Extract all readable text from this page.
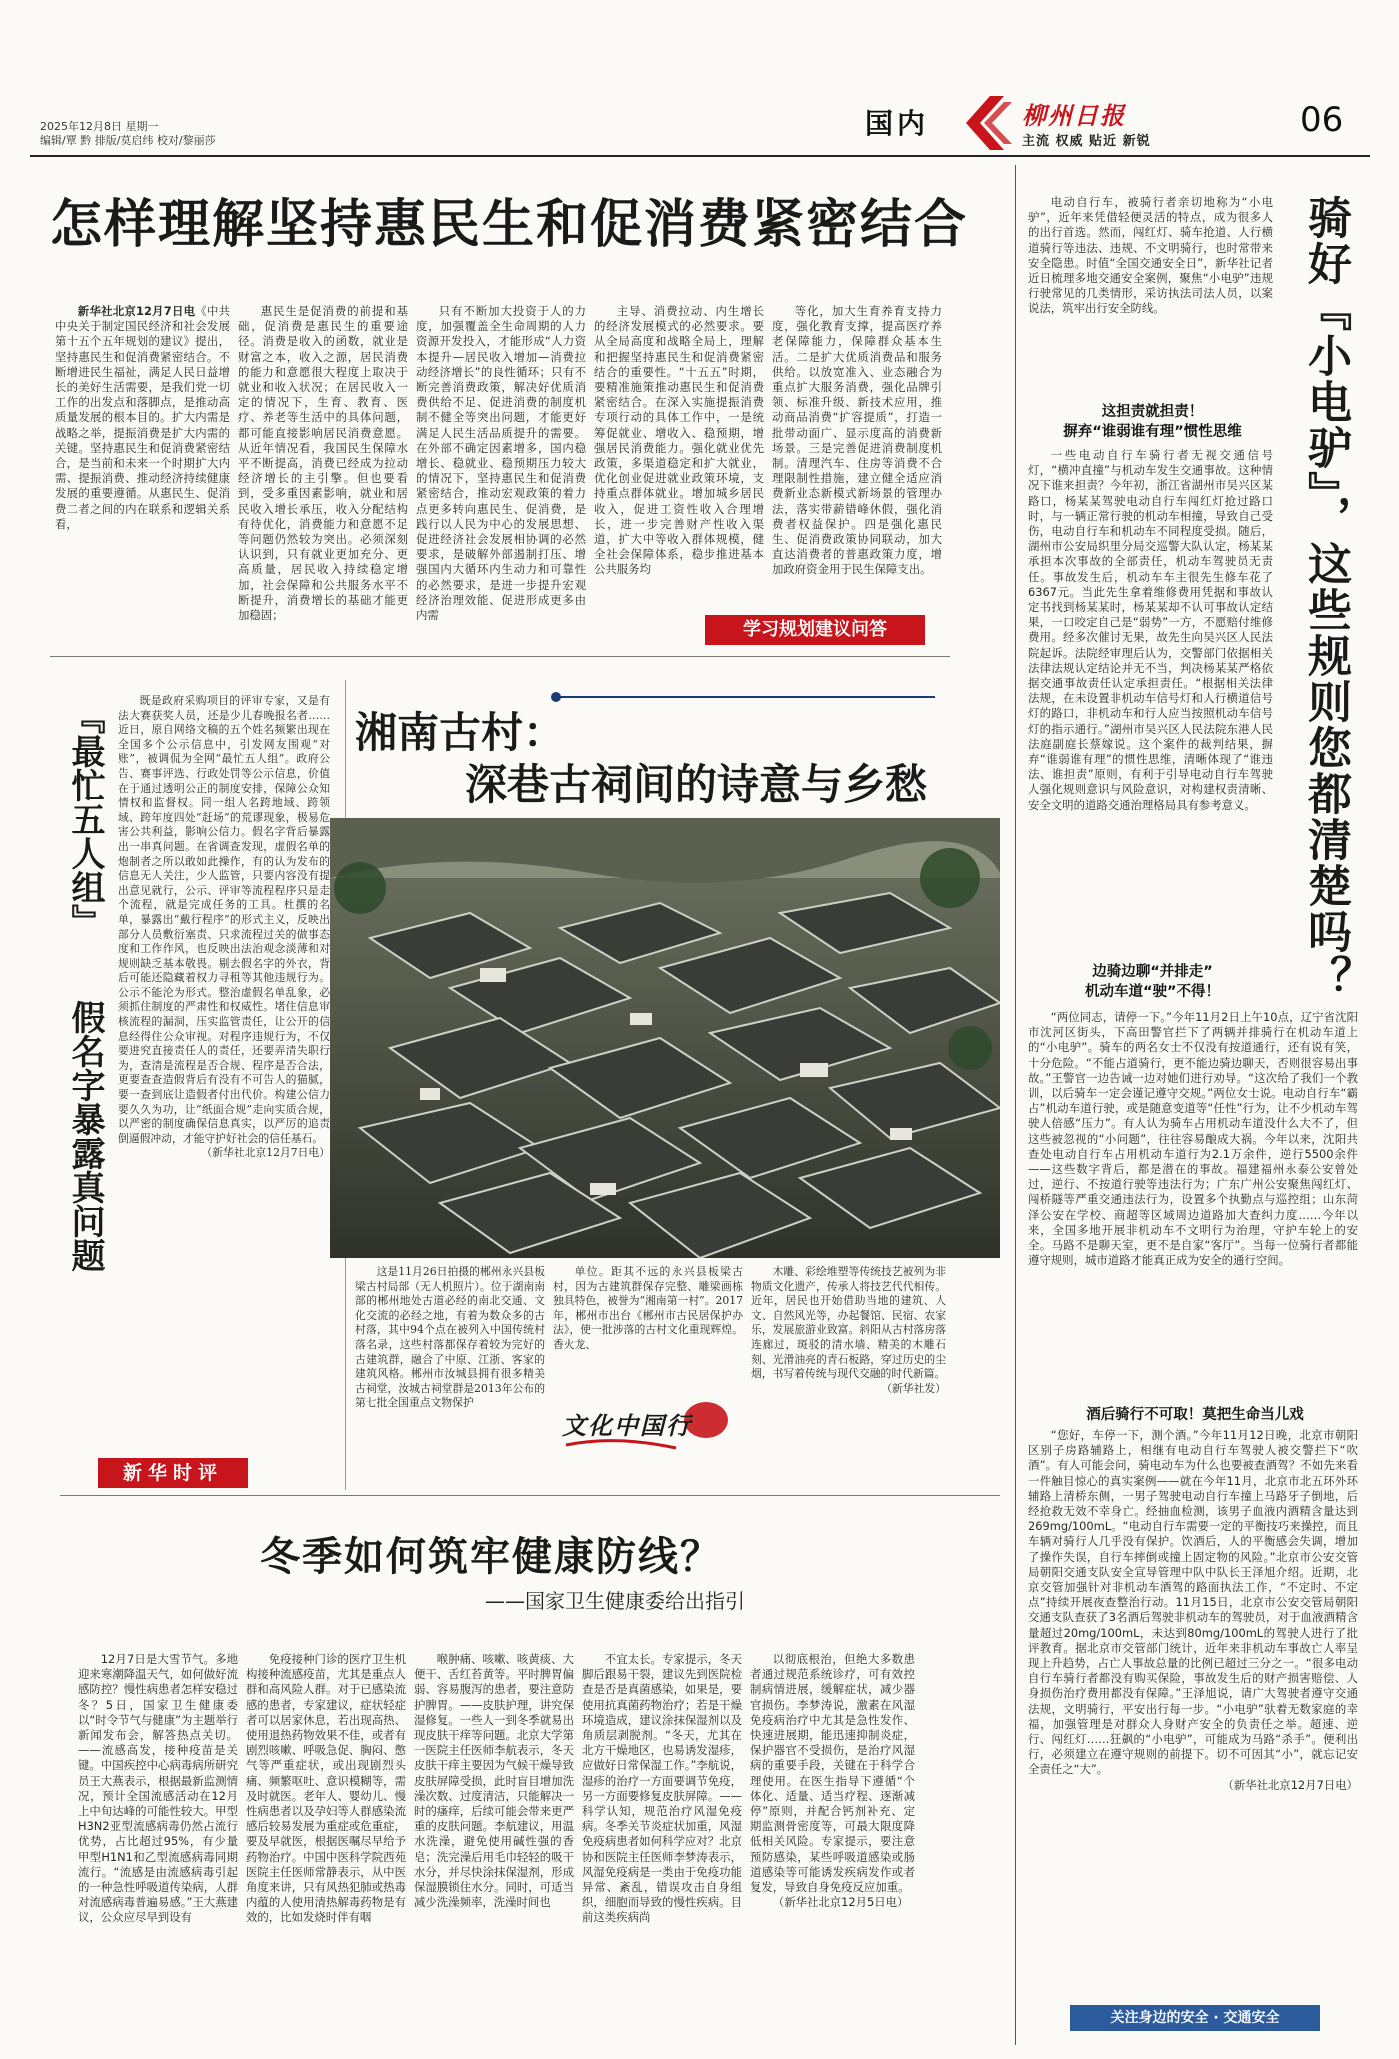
2025年12月8日 星期一
编辑/覃 黔 排版/莫启纬 校对/黎丽莎
国内	柳州日报
主流 权威 贴近 新锐
06
怎样理解坚持惠民生和促消费紧密结合

新华社北京12月7日电《中共中央关于制定国民经济和社会发展第十五个五年规划的建议》提出，坚持惠民生和促消费紧密结合。不断增进民生福祉，满足人民日益增长的美好生活需要，是我们党一切工作的出发点和落脚点，是推动高质量发展的根本目的。扩大内需是战略之举，提振消费是扩大内需的关键。坚持惠民生和促消费紧密结合，是当前和未来一个时期扩大内需、提振消费、推动经济持续健康发展的重要遵循。从惠民生、促消费二者之间的内在联系和逻辑关系看，

惠民生是促消费的前提和基础，促消费是惠民生的重要途径。消费是收入的函数，就业是财富之本，收入之源，居民消费的能力和意愿很大程度上取决于就业和收入状况；在居民收入一定的情况下，生育、教育、医疗、养老等生活中的具体问题，都可能直接影响居民消费意愿。从近年情况看，我国民生保障水平不断提高，消费已经成为拉动经济增长的主引擎。但也要看到，受多重因素影响，就业和居民收入增长承压，收入分配结构有待优化，消费能力和意愿不足等问题仍然较为突出。必须深刻认识到，只有就业更加充分、更高质量，居民收入持续稳定增加，社会保障和公共服务水平不断提升，消费增长的基础才能更加稳固；

只有不断加大投资于人的力度，加强覆盖全生命周期的人力资源开发投入，才能形成“人力资本提升—居民收入增加—消费拉动经济增长”的良性循环；只有不断完善消费政策，解决好优质消费供给不足、促进消费的制度机制不健全等突出问题，才能更好满足人民生活品质提升的需要。在外部不确定因素增多，国内稳增长、稳就业、稳预期压力较大的情况下，坚持惠民生和促消费紧密结合，推动宏观政策的着力点更多转向惠民生、促消费，是践行以人民为中心的发展思想、促进经济社会发展相协调的必然要求，是破解外部遏制打压、增强国内大循环内生动力和可靠性的必然要求，是进一步提升宏观经济治理效能、促进形成更多由内需

主导、消费拉动、内生增长的经济发展模式的必然要求。要从全局高度和战略全局上，理解和把握坚持惠民生和促消费紧密结合的重要性。“十五五”时期，要精准施策推动惠民生和促消费紧密结合。在深入实施提振消费专项行动的具体工作中，一是统筹促就业、增收入、稳预期，增强居民消费能力。强化就业优先政策，多渠道稳定和扩大就业，优化创业促进就业政策环境，支持重点群体就业。增加城乡居民收入，促进工资性收入合理增长，进一步完善财产性收入渠道，扩大中等收入群体规模，健全社会保障体系，稳步推进基本公共服务均

等化，加大生育养育支持力度，强化教育支撑，提高医疗养老保障能力，保障群众基本生活。二是扩大优质消费品和服务供给。以放宽准入、业态融合为重点扩大服务消费，强化品牌引领、标准升级、新技术应用，推动商品消费“扩容提质”，打造一批带动面广、显示度高的消费新场景。三是完善促进消费制度机制。清理汽车、住房等消费不合理限制性措施，建立健全适应消费新业态新模式新场景的管理办法，落实带薪错峰休假，强化消费者权益保护。四是强化惠民生、促消费政策协同联动，加大直达消费者的普惠政策力度，增加政府资金用于民生保障支出。

学习规划建议问答
『最忙五人组』
假名字暴露真问题

既是政府采购项目的评审专家，又是有法大赛获奖人员，还是少儿春晚报名者……近日，原自网络文稿的五个姓名频繁出现在全国多个公示信息中，引发网友围观“对账”，被调侃为全网“最忙五人组”。政府公告、赛事评选、行政处罚等公示信息，价值在于通过透明公正的制度安排，保障公众知情权和监督权。同一组人名跨地域、跨领域、跨年度四处“赶场”的荒谬现象，极易危害公共利益，影响公信力。假名字背后暴露出一串真问题。在省调查发现，虚假名单的炮制者之所以敢如此操作，有的认为发布的信息无人关注，少人监管，只要内容没有提出意见就行，公示、评审等流程程序只是走个流程，就是完成任务的工具。杜撰的名单，暴露出“戴行程序”的形式主义，反映出部分人员敷衍塞责、只求流程过关的做事态度和工作作风，也反映出法治观念淡薄和对规则缺乏基本敬畏。剔去假名字的外衣，背后可能还隐藏着权力寻租等其他违规行为。公示不能沦为形式。整治虚假名单乱象，必须抓住制度的严肃性和权威性。堵住信息审核流程的漏洞，压实监管责任，让公开的信息经得住公众审视。对程序违规行为，不仅要进究直接责任人的责任，还要弄清失职行为，查清是流程是否合规、程序是否合法，更要查查造假背后有没有不可告人的猫腻，要一查到底让造假者付出代价。构建公信力要久久为功，让“纸面合规”走向实质合规，以严密的制度确保信息真实，以严厉的追责倒逼假冲动，才能守护好社会的信任基石。

（新华社北京12月7日电）

新华时评
湘南古村：
深巷古祠间的诗意与乡愁

这是11月26日拍摄的郴州永兴县板梁古村局部（无人机照片）。位于湖南南部的郴州地处古道必经的南北交通、文化交流的必经之地，有着为数众多的古村落，其中94个点在被列入中国传统村落名录，这些村落都保存着较为完好的古建筑群，融合了中原、江浙、客家的建筑风格。郴州市汝城县拥有很多精美古祠堂，汝城古祠堂群是2013年公布的第七批全国重点文物保护

单位。距其不远的永兴县板梁古村，因为古建筑群保存完整、雕梁画栋独具特色，被誉为“湘南第一村”。2017年，郴州市出台《郴州市古民居保护办法》，使一批涉落的古村文化重现辉煌。香火龙、

木雕、彩绘堆塑等传统技艺被列为非物质文化遗产，传承人将技艺代代相传。近年，居民也开始借助当地的建筑、人文、自然风光等，办起餐馆、民宿、农家乐，发展旅游业致富。斜阳从古村落房落连廊过，斑驳的清水墙、精美的木雕石刻、光滑油亮的青石板路，穿过历史的尘烟，书写着传统与现代交融的时代新篇。

（新华社发）

文化中国行
冬季如何筑牢健康防线？
——国家卫生健康委给出指引

12月7日是大雪节气。多地迎来寒潮降温天气，如何做好流感防控？慢性病患者怎样安稳过冬？5日，国家卫生健康委以“时令节气与健康”为主题举行新闻发布会，解答热点关切。——流感高发，接种疫苗是关键。中国疾控中心病毒病所研究员王大燕表示，根据最新监测情况，预计全国流感活动在12月上中旬达峰的可能性较大。甲型H3N2亚型流感病毒仍然占流行优势，占比超过95%，有少量甲型H1N1和乙型流感病毒同期流行。“流感是由流感病毒引起的一种急性呼吸道传染病，人群对流感病毒普遍易感。”王大燕建议，公众应尽早到设有

免疫接种门诊的医疗卫生机构接种流感疫苗，尤其是重点人群和高风险人群。对于已感染流感的患者，专家建议，症状轻症者可以居家休息，若出现高热、使用退热药物效果不佳，或者有剧烈咳嗽、呼吸急促、胸闷、憋气等严重症状，或出现剧烈头痛、频繁呕吐、意识模糊等，需及时就医。老年人、婴幼儿、慢性病患者以及孕妇等人群感染流感后较易发展为重症或危重症，要及早就医，根据医嘱尽早给予药物治疗。中国中医科学院西苑医院主任医师常静表示，从中医角度来讲，只有风热犯肺或热毒内蕴的人使用清热解毒药物是有效的，比如发烧时伴有咽

喉肿痛、咳嗽、咳黄痰、大便干、舌红苔黄等。平时脾胃偏弱、容易腹泻的患者，要注意防护脾胃。——皮肤护理，讲究保湿修复。一些人一到冬季就易出现皮肤干痒等问题。北京大学第一医院主任医师李航表示，冬天皮肤干痒主要因为气候干燥导致皮肤屏障受损，此时盲目增加洗澡次数、过度清洁，只能解决一时的瘙痒，后续可能会带来更严重的皮肤问题。李航建议，用温水洗澡，避免使用碱性强的香皂；洗完澡后用毛巾轻轻的吸干水分，并尽快涂抹保湿剂，形成保湿膜锁住水分。同时，可适当减少洗澡频率，洗澡时间也

不宜太长。专家提示，冬天脚后跟易干裂，建议先到医院检查是否是真菌感染，如果是，要使用抗真菌药物治疗；若是干燥环境造成，建议涂抹保湿剂以及角质层剥脱剂。“冬天，尤其在北方干燥地区，也易诱发湿疹，应做好日常保湿工作。”李航说，湿疹的治疗一方面要调节免疫，另一方面要修复皮肤屏障。——科学认知，规范治疗风湿免疫病。冬季关节炎症状加重，风湿免疫病患者如何科学应对？北京协和医院主任医师李梦涛表示，风湿免疫病是一类由于免疫功能异常、紊乱，错误攻击自身组织，细胞而导致的慢性疾病。目前这类疾病尚

以彻底根治，但绝大多数患者通过规范系统诊疗，可有效控制病情进展，缓解症状，减少器官损伤。李梦涛说，激素在风湿免疫病治疗中尤其是急性发作、快速进展期，能迅速抑制炎症，保护器官不受损伤，是治疗风湿病的重要手段，关键在于科学合理使用。在医生指导下遵循“个体化、适量、适当疗程、逐渐减停”原则，并配合钙剂补充、定期监测骨密度等，可最大限度降低相关风险。专家提示，要注意预防感染，某些呼吸道感染或肠道感染等可能诱发疾病发作或者复发，导致自身免疫反应加重。

（新华社北京12月5日电）

骑好『小电驴』，这些规则您都清楚吗？

电动自行车，被骑行者亲切地称为“小电驴”，近年来凭借轻便灵活的特点，成为很多人的出行首选。然而，闯红灯、骑车抢道、人行横道骑行等违法、违规、不文明骑行，也时常带来安全隐患。时值“全国交通安全日”，新华社记者近日梳理多地交通安全案例，聚焦“小电驴”违规行驶常见的几类情形，采访执法司法人员，以案说法，筑牢出行安全防线。

这担责就担责！
摒弃“谁弱谁有理”惯性思维

一些电动自行车骑行者无视交通信号灯，“横冲直撞”与机动车发生交通事故。这种情况下谁来担责？今年初，浙江省湖州市吴兴区某路口，杨某某驾驶电动自行车闯红灯抢过路口时，与一辆正常行驶的机动车相撞，导致自己受伤，电动自行车和机动车不同程度受损。随后，湖州市公安局织里分局交巡警大队认定，杨某某承担本次事故的全部责任，机动车驾驶员无责任。事故发生后，机动车车主很先生修车花了6367元。当此先生拿着维修费用凭据和事故认定书找到杨某某时，杨某某却不认可事故认定结果，一口咬定自己是“弱势”一方，不愿赔付维修费用。经多次催讨无果，故先生向吴兴区人民法院起诉。法院经审理后认为，交警部门依据相关法律法规认定结论并无不当，判决杨某某严格依据交通事故责任认定承担责任。“根据相关法律法规，在未设置非机动车信号灯和人行横道信号灯的路口，非机动车和行人应当按照机动车信号灯的指示通行。”湖州市吴兴区人民法院东港人民法庭副庭长蔡嫁说。这个案件的裁判结果，摒弃“谁弱谁有理”的惯性思维，清晰体现了“谁违法、谁担责”原则，有利于引导电动自行车驾驶人强化规则意识与风险意识，对构建权责清晰、安全文明的道路交通治理格局具有参考意义。

边骑边聊“并排走”
机动车道“驶”不得！

“两位同志，请停一下。”今年11月2日上午10点，辽宁省沈阳市沈河区街头，下高田警官拦下了两辆并排骑行在机动车道上的“小电驴”。骑车的两名女士不仅没有按道通行，还有说有笑，十分危险。“不能占道骑行，更不能边骑边聊天，否则很容易出事故。”王警官一边告诫一边对她们进行劝导。“这次给了我们一个教训，以后骑车一定会谨记遵守交规。”两位女士说。电动自行车“霸占”机动车道行驶，或是随意变道等“任性”行为，让不少机动车驾驶人倍感“压力”。有人认为骑车占用机动车道没什么大不了，但这些被忽视的“小问题”，往往容易酿成大祸。今年以来，沈阳共查处电动自行车占用机动车道行为2.1万余件，逆行5500余件——这些数字背后，都是潜在的事故。福建福州永泰公安曾处过，逆行、不按道行驶等违法行为；广东广州公安聚焦闯红灯、闯桥隧等严重交通违法行为，设置多个执勤点与巡控组；山东菏泽公安在学校、商超等区域周边道路加大查纠力度……今年以来，全国多地开展非机动车不文明行为治理，守护车轮上的安全。马路不是聊天室，更不是自家“客厅”。当每一位骑行者都能遵守规则，城市道路才能真正成为安全的通行空间。

酒后骑行不可取！莫把生命当儿戏

“您好，车停一下，测个酒。”今年11月12日晚，北京市朝阳区别子房路辅路上，相继有电动自行车驾驶人被交警拦下“吹酒”。有人可能会问，骑电动车为什么也要被查酒驾？不如先来看一件触目惊心的真实案例——就在今年11月，北京市北五环外环辅路上清桥东侧，一男子驾驶电动自行车撞上马路牙子倒地，后经抢救无效不幸身亡。经抽血检测，该男子血液内酒精含量达到269mg/100mL。“电动自行车需要一定的平衡技巧来操控，而且车辆对骑行人几乎没有保护。饮酒后，人的平衡感会失调，增加了操作失误，自行车摔倒或撞上固定物的风险。”北京市公安交管局朝阳交通支队安全宣导管理中队中队长王泽旭介绍。近期，北京交管加强针对非机动车酒驾的路面执法工作，“不定时、不定点”持续开展夜查整治行动。11月15日，北京市公安交管局朝阳交通支队查获了3名酒后驾驶非机动车的驾驶员，对于血液酒精含量超过20mg/100mL，未达到80mg/100mL的驾驶人进行了批评教育。据北京市交管部门统计，近年来非机动车事故亡人率呈现上升趋势，占亡人事故总量的比例已超过三分之一。“很多电动自行车骑行者都没有购买保险，事故发生后的财产损害赔偿、人身损伤治疗费用都没有保障。”王泽旭说，请广大驾驶者遵守交通法规，文明骑行，平安出行每一步。“小电驴”驮着无数家庭的幸福，加强管理是对群众人身财产安全的负责任之举。超速、逆行、闯红灯……狂飙的“小电驴”，可能成为马路“杀手”。便利出行，必须建立在遵守规则的前提下。切不可因其“小”，就忘记安全责任之“大”。

（新华社北京12月7日电）

关注身边的安全 · 交通安全
